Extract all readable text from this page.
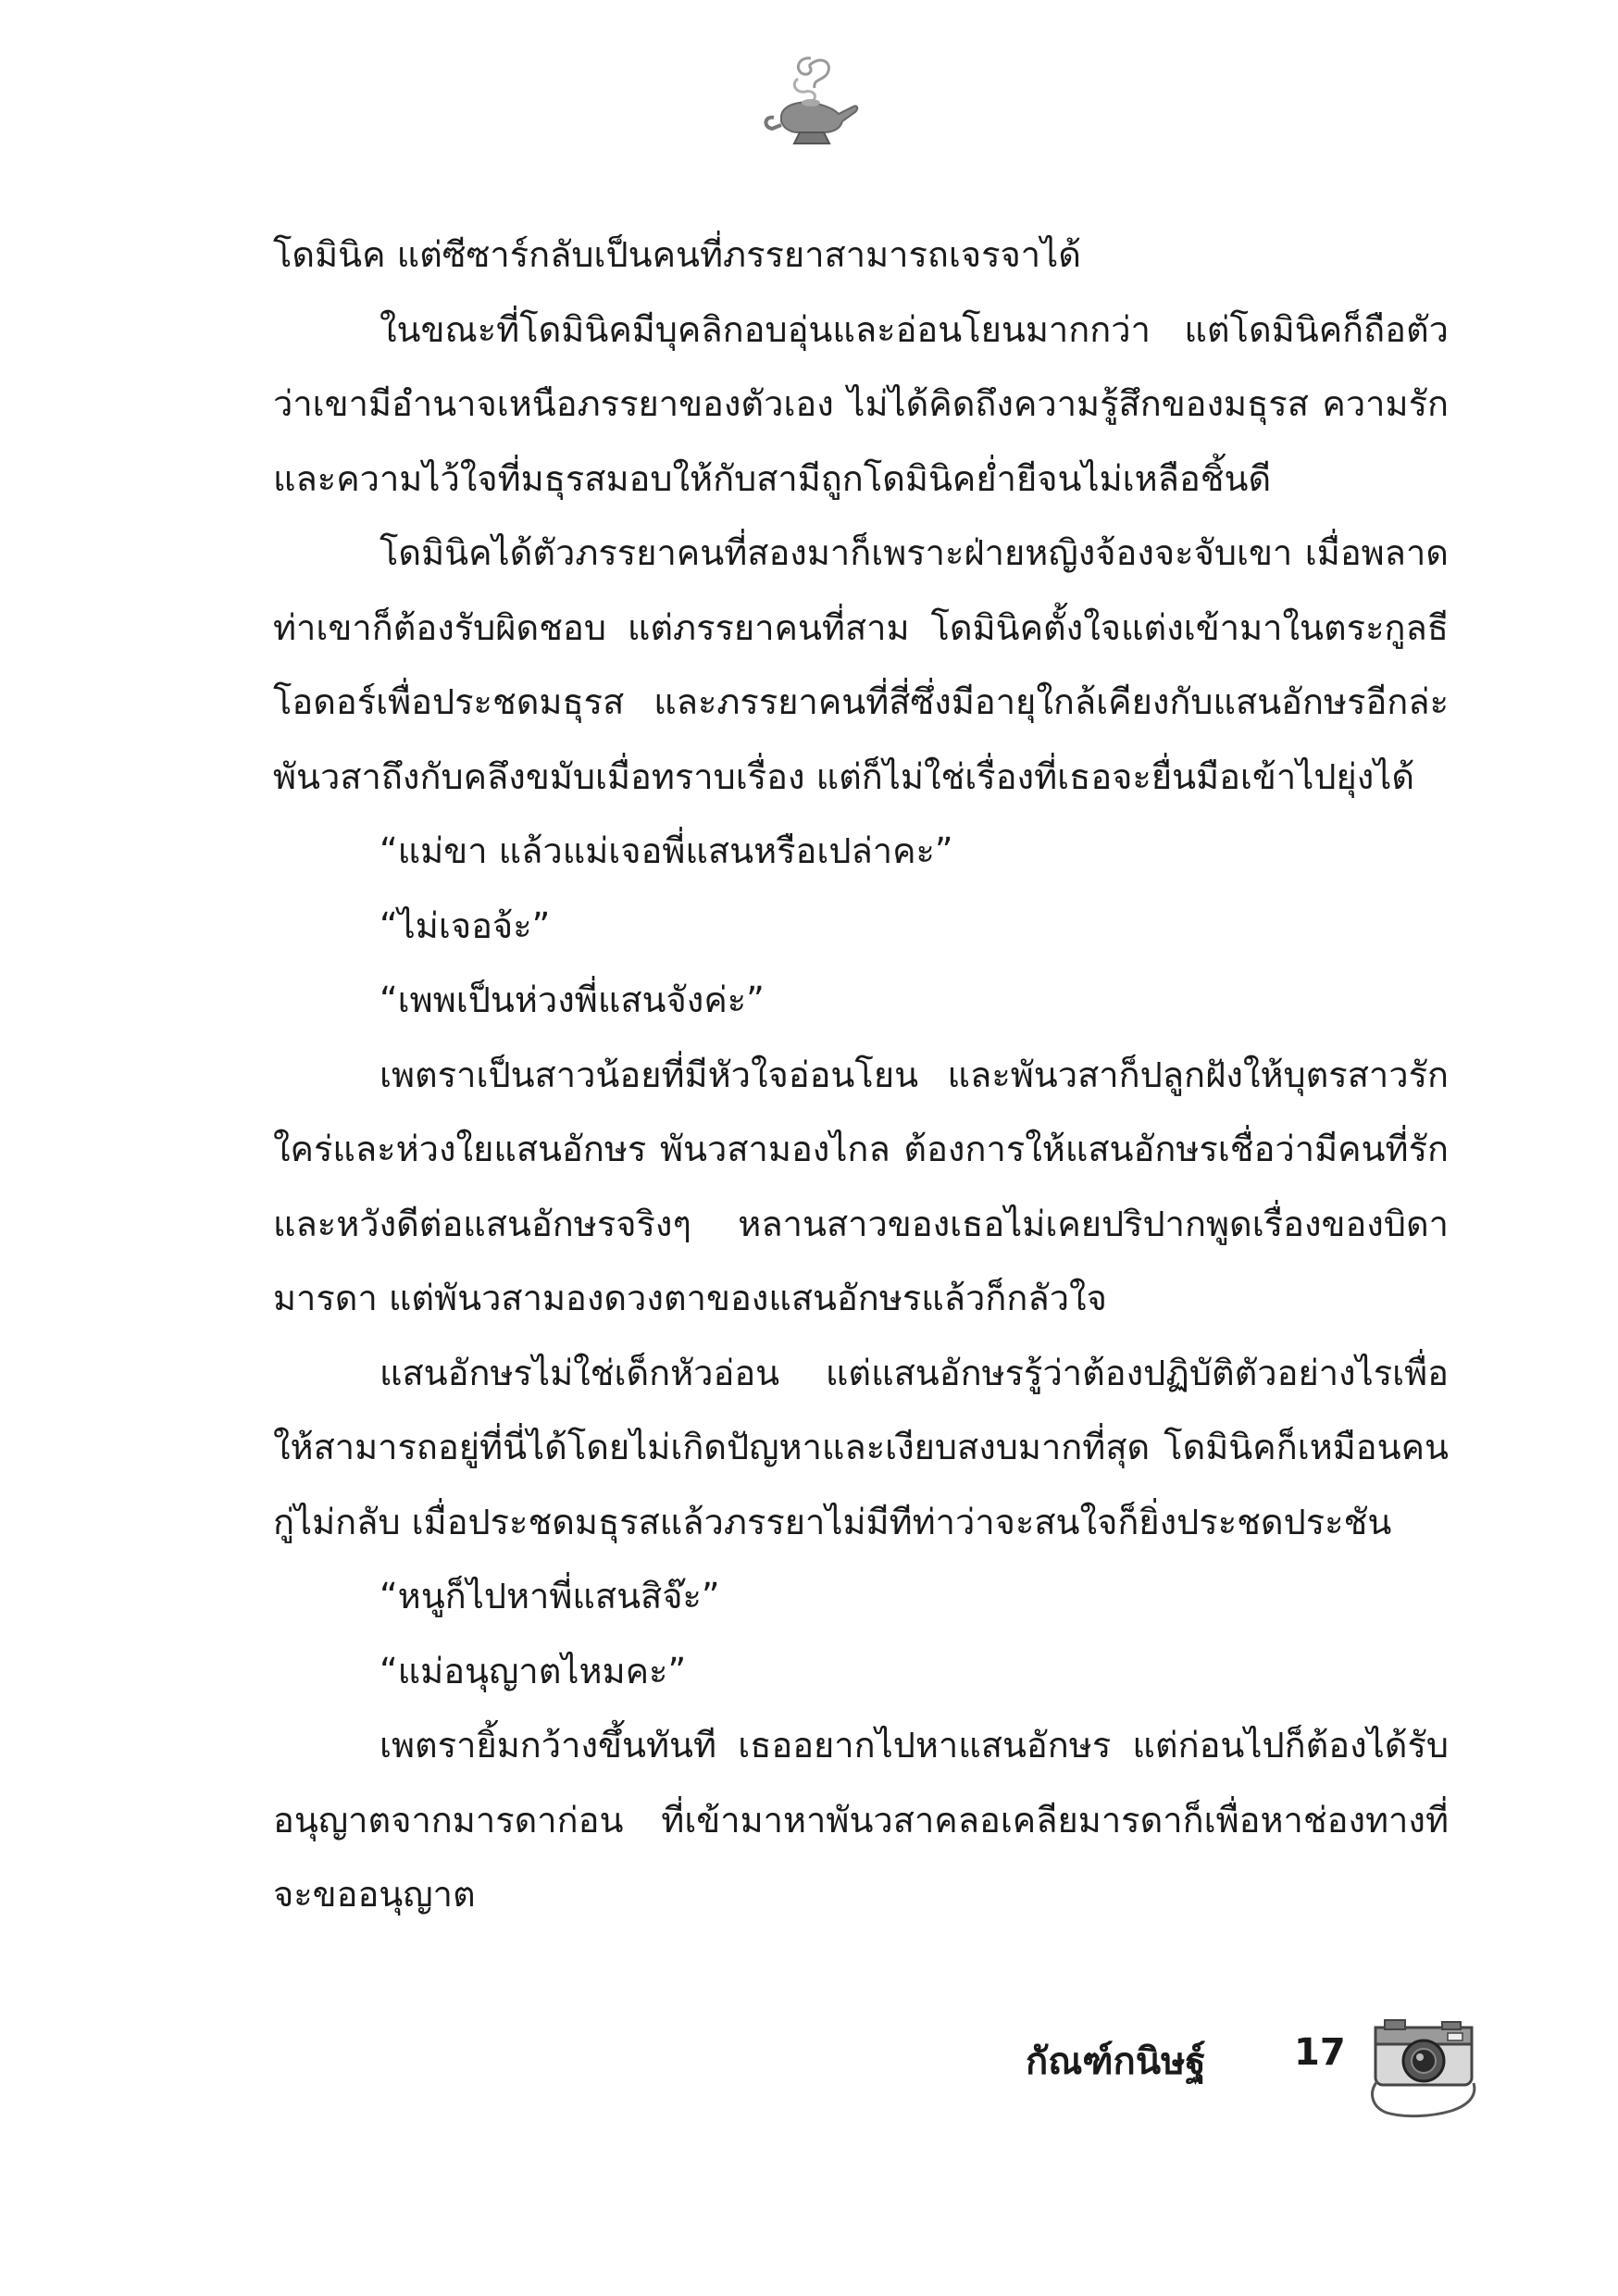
โดมินิค แต่ซีซาร์กลับเป็นคนที่ภรรยาสามารถเจรจาได้

ในขณะที่โดมินิคมีบุคลิกอบอุ่นและอ่อนโยนมากกว่า แต่โดมินิคก็ถือตัวว่าเขามีอำนาจเหนือภรรยาของตัวเอง ไม่ได้คิดถึงความรู้สึกของมธุรส ความรักและความไว้ใจที่มธุรสมอบให้กับสามีถูกโดมินิคย่ำยีจนไม่เหลือชิ้นดี

โดมินิคได้ตัวภรรยาคนที่สองมาก็เพราะฝ่ายหญิงจ้องจะจับเขา เมื่อพลาดท่าเขาก็ต้องรับผิดชอบ แต่ภรรยาคนที่สาม โดมินิคตั้งใจแต่งเข้ามาในตระกูลธีโอดอร์เพื่อประชดมธุรส และภรรยาคนที่สี่ซึ่งมีอายุใกล้เคียงกับแสนอักษรอีกล่ะ พันวสาถึงกับคลึงขมับเมื่อทราบเรื่อง แต่ก็ไม่ใช่เรื่องที่เธอจะยื่นมือเข้าไปยุ่งได้

“แม่ขา แล้วแม่เจอพี่แสนหรือเปล่าคะ”

“ไม่เจอจ้ะ”

“เพพเป็นห่วงพี่แสนจังค่ะ”

เพตราเป็นสาวน้อยที่มีหัวใจอ่อนโยน และพันวสาก็ปลูกฝังให้บุตรสาวรักใคร่และห่วงใยแสนอักษร พันวสามองไกล ต้องการให้แสนอักษรเชื่อว่ามีคนที่รักและหวังดีต่อแสนอักษรจริงๆ หลานสาวของเธอไม่เคยปริปากพูดเรื่องของบิดามารดา แต่พันวสามองดวงตาของแสนอักษรแล้วก็กลัวใจ

แสนอักษรไม่ใช่เด็กหัวอ่อน แต่แสนอักษรรู้ว่าต้องปฏิบัติตัวอย่างไรเพื่อให้สามารถอยู่ที่นี่ได้โดยไม่เกิดปัญหาและเงียบสงบมากที่สุด โดมินิคก็เหมือนคนกู่ไม่กลับ เมื่อประชดมธุรสแล้วภรรยาไม่มีทีท่าว่าจะสนใจก็ยิ่งประชดประชัน

“หนูก็ไปหาพี่แสนสิจ๊ะ”

“แม่อนุญาตไหมคะ”

เพตรายิ้มกว้างขึ้นทันที เธออยากไปหาแสนอักษร แต่ก่อนไปก็ต้องได้รับอนุญาตจากมารดาก่อน ที่เข้ามาหาพันวสาคลอเคลียมารดาก็เพื่อหาช่องทางที่จะขออนุญาต

กัณฑ์กนิษฐ์ 17
